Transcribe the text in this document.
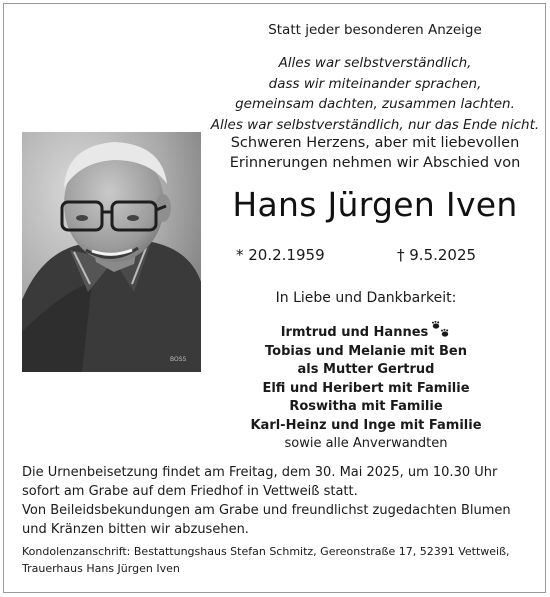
Statt jeder besonderen Anzeige
Alles war selbstverständlich,
dass wir miteinander sprachen,
gemeinsam dachten, zusammen lachten.
Alles war selbstverständlich, nur das Ende nicht.
Schweren Herzens, aber mit liebevollen
Erinnerungen nehmen wir Abschied von
BOSS
Hans Jürgen Iven
* 20.2.1959	† 9.5.2025
In Liebe und Dankbarkeit:
Irmtrud und Hannes
Tobias und Melanie mit Ben
als Mutter Gertrud
Elfi und Heribert mit Familie
Roswitha mit Familie
Karl-Heinz und Inge mit Familie
sowie alle Anverwandten
Die Urnenbeisetzung findet am Freitag, dem 30. Mai 2025, um 10.30 Uhr
sofort am Grabe auf dem Friedhof in Vettweiß statt.
Von Beileidsbekundungen am Grabe und freundlichst zugedachten Blumen
und Kränzen bitten wir abzusehen.
Kondolenzanschrift: Bestattungshaus Stefan Schmitz, Gereonstraße 17, 52391 Vettweiß,
Trauerhaus Hans Jürgen Iven
